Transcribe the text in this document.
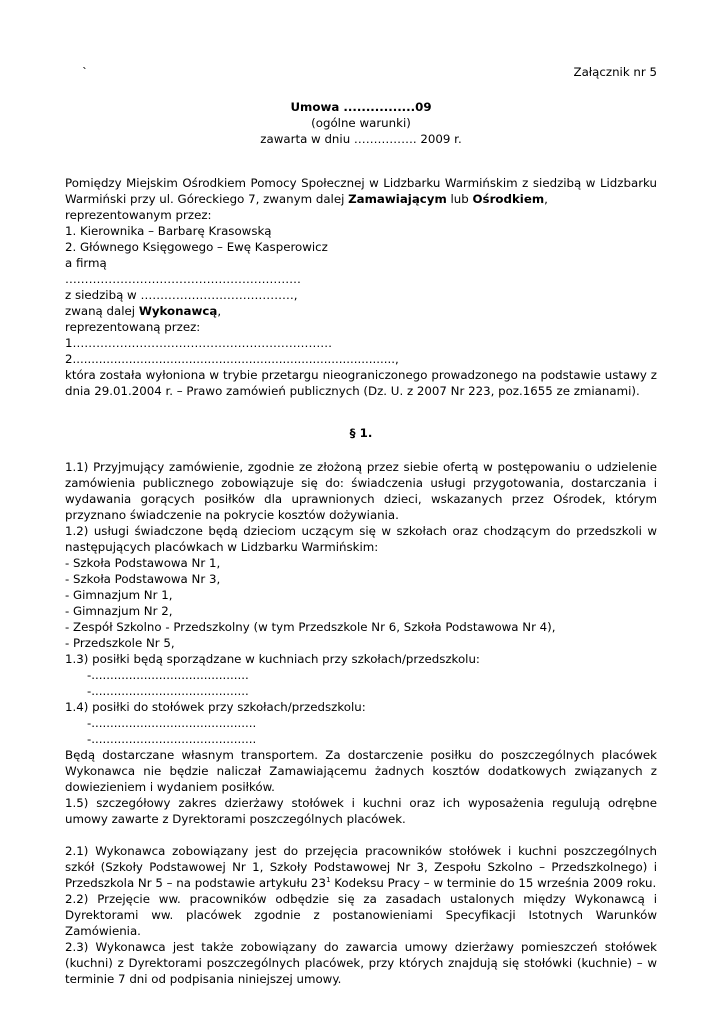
`	Załącznik nr 5

Umowa ................09
(ogólne warunki)
zawarta w dniu ……………. 2009 r.

Pomiędzy Miejskim Ośrodkiem Pomocy Społecznej w Lidzbarku Warmińskim z siedzibą w Lidzbarku Warmiński przy ul. Góreckiego 7, zwanym dalej Zamawiającym lub Ośrodkiem,

reprezentowanym przez:

1. Kierownika – Barbarę Krasowską

2. Głównego Księgowego – Ewę Kasperowicz

a firmą

……………………………………………………

z siedzibą w …………………………………,

zwaną dalej Wykonawcą,

reprezentowaną przez:

1…………………………………………………………

2......................................................................................,

która została wyłoniona w trybie przetargu nieograniczonego prowadzonego na podstawie ustawy z dnia 29.01.2004 r. – Prawo zamówień publicznych (Dz. U. z 2007 Nr 223, poz.1655 ze zmianami).

§ 1.

1.1) Przyjmujący zamówienie, zgodnie ze złożoną przez siebie ofertą w postępowaniu o udzielenie zamówienia publicznego zobowiązuje się do: świadczenia usługi przygotowania, dostarczania i wydawania gorących posiłków dla uprawnionych dzieci, wskazanych przez Ośrodek, którym przyznano świadczenie na pokrycie kosztów dożywiania.

1.2) usługi świadczone będą dzieciom uczącym się w szkołach oraz chodzącym do przedszkoli w następujących placówkach w Lidzbarku Warmińskim:

- Szkoła Podstawowa Nr 1,

- Szkoła Podstawowa Nr 3,

- Gimnazjum Nr 1,

- Gimnazjum Nr 2,

- Zespół Szkolno - Przedszkolny (w tym Przedszkole Nr 6, Szkoła Podstawowa Nr 4),

- Przedszkole Nr 5,

1.3) posiłki będą sporządzane w kuchniach przy szkołach/przedszkolu:

-..........................................

-..........................................

1.4) posiłki do stołówek przy szkołach/przedszkolu:

-............................................

-............................................

Będą dostarczane własnym transportem. Za dostarczenie posiłku do poszczególnych placówek Wykonawca nie będzie naliczał Zamawiającemu żadnych kosztów dodatkowych związanych z dowiezieniem i wydaniem posiłków.

1.5) szczegółowy zakres dzierżawy stołówek i kuchni oraz ich wyposażenia regulują odrębne umowy zawarte z Dyrektorami poszczególnych placówek.

2.1) Wykonawca zobowiązany jest do przejęcia pracowników stołówek i kuchni poszczególnych szkół (Szkoły Podstawowej Nr 1, Szkoły Podstawowej Nr 3, Zespołu Szkolno – Przedszkolnego) i Przedszkola Nr 5 – na podstawie artykułu $23^1$ Kodeksu Pracy – w terminie do 15 września 2009 roku.

2.2) Przejęcie ww. pracowników odbędzie się za zasadach ustalonych między Wykonawcą i Dyrektorami ww. placówek zgodnie z postanowieniami Specyfikacji Istotnych Warunków Zamówienia.

2.3) Wykonawca jest także zobowiązany do zawarcia umowy dzierżawy pomieszczeń stołówek (kuchni) z Dyrektorami poszczególnych placówek, przy których znajdują się stołówki (kuchnie) – w terminie 7 dni od podpisania niniejszej umowy.
